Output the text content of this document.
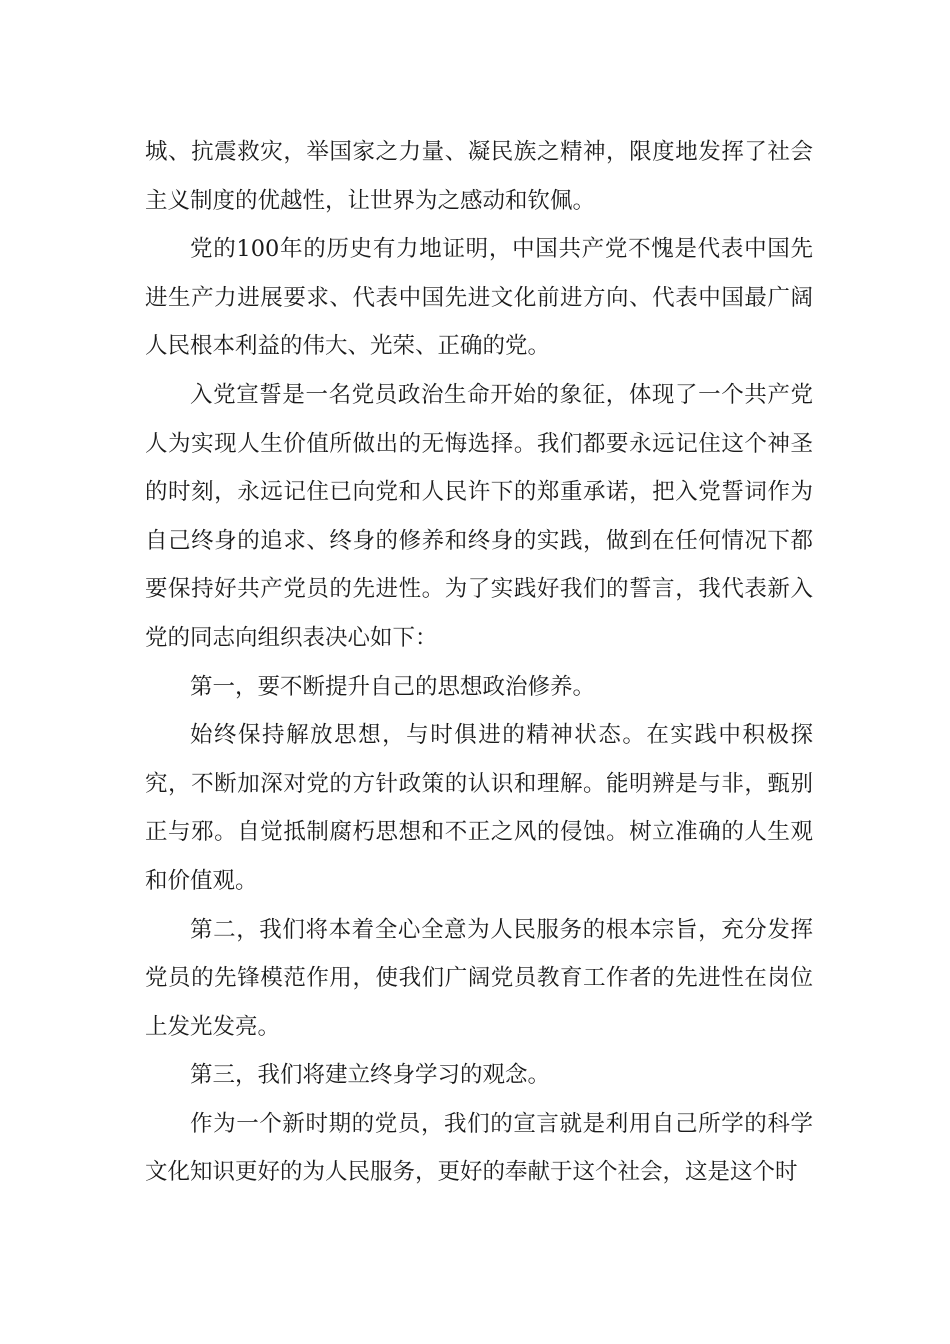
城、抗震救灾，举国家之力量、凝民族之精神，限度地发挥了社会主义制度的优越性，让世界为之感动和钦佩。

党的100年的历史有力地证明，中国共产党不愧是代表中国先进生产力进展要求、代表中国先进文化前进方向、代表中国最广阔人民根本利益的伟大、光荣、正确的党。

入党宣誓是一名党员政治生命开始的象征，体现了一个共产党人为实现人生价值所做出的无悔选择。我们都要永远记住这个神圣的时刻，永远记住已向党和人民许下的郑重承诺，把入党誓词作为自己终身的追求、终身的修养和终身的实践，做到在任何情况下都要保持好共产党员的先进性。为了实践好我们的誓言，我代表新入党的同志向组织表决心如下：

第一，要不断提升自己的思想政治修养。

始终保持解放思想，与时俱进的精神状态。在实践中积极探究，不断加深对党的方针政策的认识和理解。能明辨是与非，甄别正与邪。自觉抵制腐朽思想和不正之风的侵蚀。树立准确的人生观和价值观。

第二，我们将本着全心全意为人民服务的根本宗旨，充分发挥党员的先锋模范作用，使我们广阔党员教育工作者的先进性在岗位上发光发亮。

第三，我们将建立终身学习的观念。

作为一个新时期的党员，我们的宣言就是利用自己所学的科学文化知识更好的为人民服务，更好的奉献于这个社会，这是这个时
